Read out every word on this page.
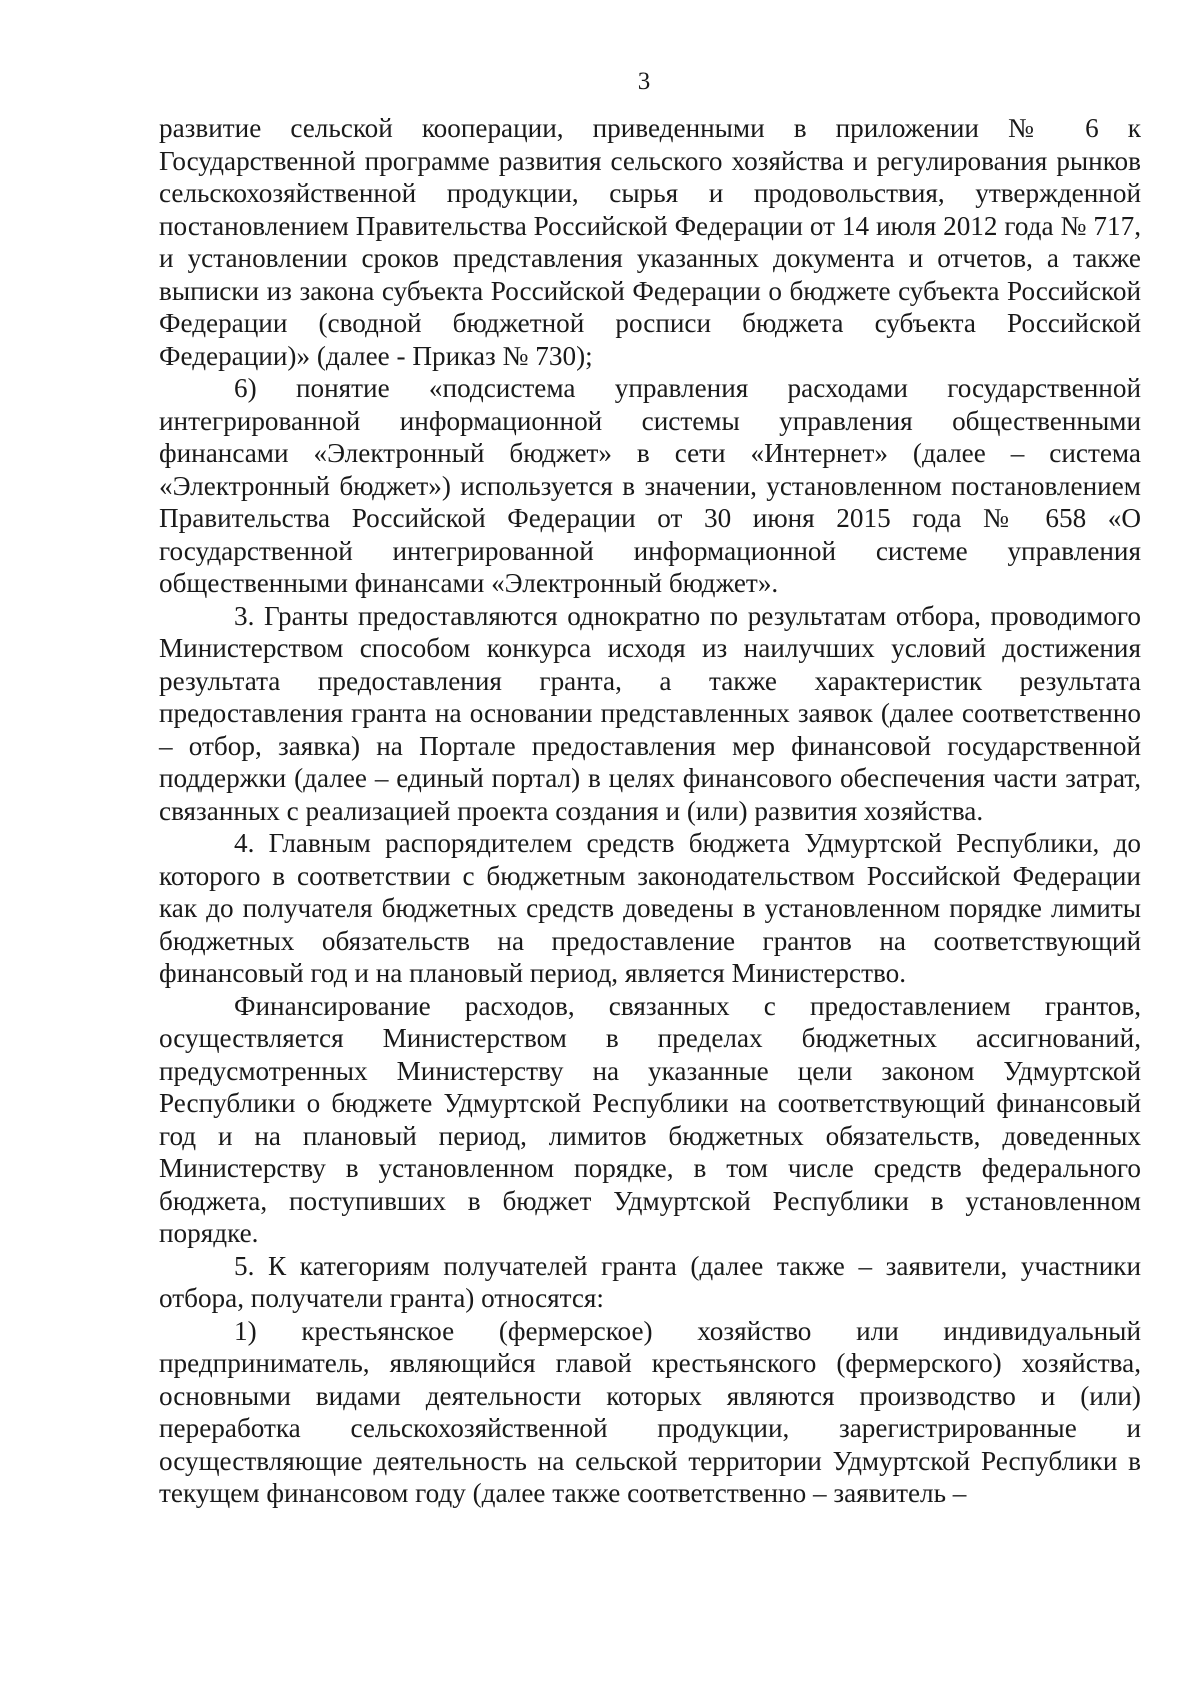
3

развитие сельской кооперации, приведенными в приложении № 6 к Государственной программе развития сельского хозяйства и регулирования рынков сельскохозяйственной продукции, сырья и продовольствия, утвержденной постановлением Правительства Российской Федерации от 14 июля 2012 года № 717, и установлении сроков представления указанных документа и отчетов, а также выписки из закона субъекта Российской Федерации о бюджете субъекта Российской Федерации (сводной бюджетной росписи бюджета субъекта Российской Федерации)» (далее - Приказ № 730);

6) понятие «подсистема управления расходами государственной интегрированной информационной системы управления общественными финансами «Электронный бюджет» в сети «Интернет» (далее – система «Электронный бюджет») используется в значении, установленном постановлением Правительства Российской Федерации от 30 июня 2015 года № 658 «О государственной интегрированной информационной системе управления общественными финансами «Электронный бюджет».

3. Гранты предоставляются однократно по результатам отбора, проводимого Министерством способом конкурса исходя из наилучших условий достижения результата предоставления гранта, а также характеристик результата предоставления гранта на основании представленных заявок (далее соответственно – отбор, заявка) на Портале предоставления мер финансовой государственной поддержки (далее – единый портал) в целях финансового обеспечения части затрат, связанных с реализацией проекта создания и (или) развития хозяйства.

4. Главным распорядителем средств бюджета Удмуртской Республики, до которого в соответствии с бюджетным законодательством Российской Федерации как до получателя бюджетных средств доведены в установленном порядке лимиты бюджетных обязательств на предоставление грантов на соответствующий финансовый год и на плановый период, является Министерство.

Финансирование расходов, связанных с предоставлением грантов, осуществляется Министерством в пределах бюджетных ассигнований, предусмотренных Министерству на указанные цели законом Удмуртской Республики о бюджете Удмуртской Республики на соответствующий финансовый год и на плановый период, лимитов бюджетных обязательств, доведенных Министерству в установленном порядке, в том числе средств федерального бюджета, поступивших в бюджет Удмуртской Республики в установленном порядке.

5. К категориям получателей гранта (далее также – заявители, участники отбора, получатели гранта) относятся:

1) крестьянское (фермерское) хозяйство или индивидуальный предприниматель, являющийся главой крестьянского (фермерского) хозяйства, основными видами деятельности которых являются производство и (или) переработка сельскохозяйственной продукции, зарегистрированные и осуществляющие деятельность на сельской территории Удмуртской Республики в текущем финансовом году (далее также соответственно – заявитель –
